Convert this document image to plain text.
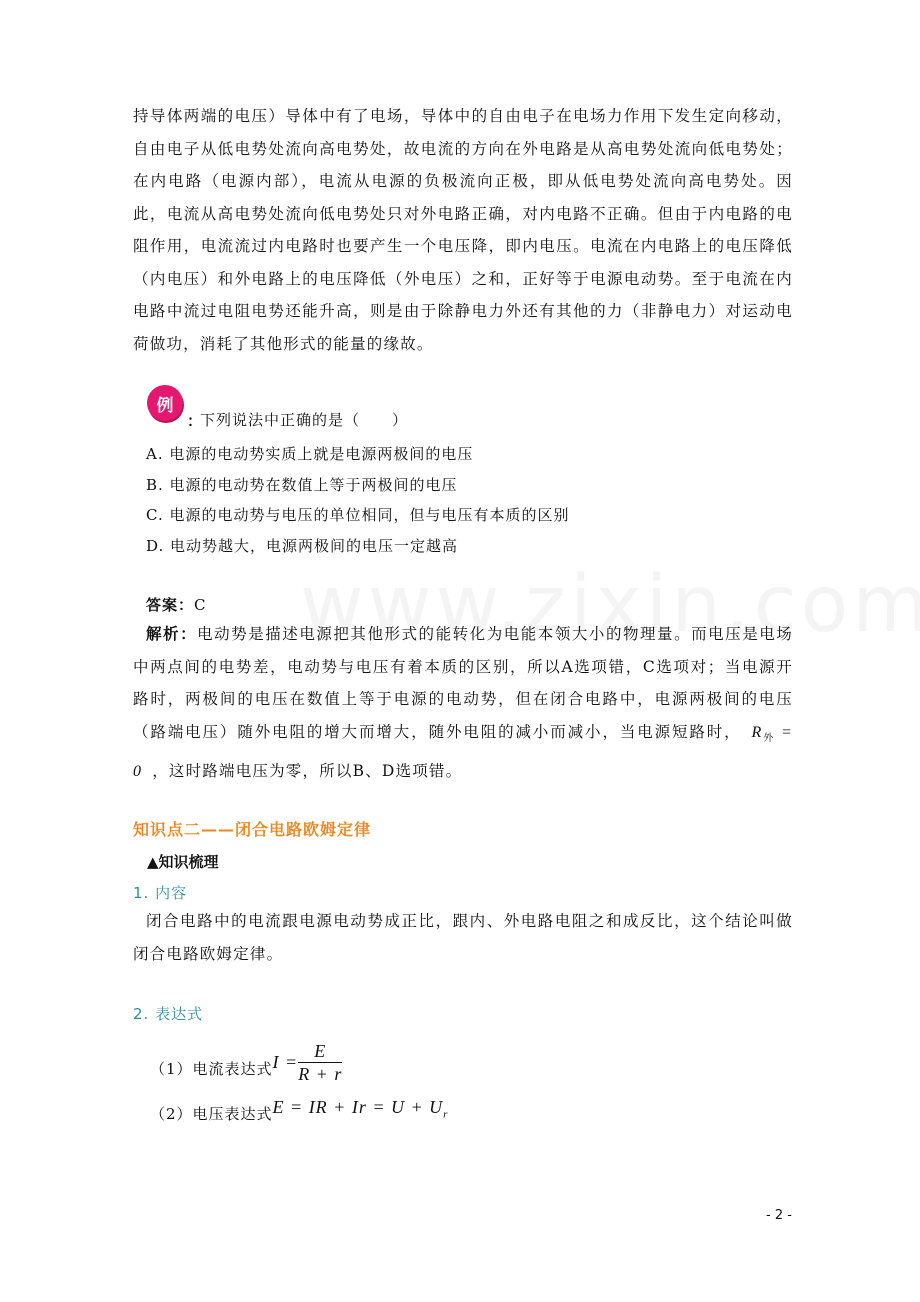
持导体两端的电压）导体中有了电场，导体中的自由电子在电场力作用下发生定向移动，自由电子从低电势处流向高电势处，故电流的方向在外电路是从高电势处流向低电势处；在内电路（电源内部），电流从电源的负极流向正极，即从低电势处流向高电势处。因此，电流从高电势处流向低电势处只对外电路正确，对内电路不正确。但由于内电路的电阻作用，电流流过内电路时也要产生一个电压降，即内电压。电流在内电路上的电压降低（内电压）和外电路上的电压降低（外电压）之和，正好等于电源电动势。至于电流在内电路中流过电阻电势还能升高，则是由于除静电力外还有其他的力（非静电力）对运动电荷做功，消耗了其他形式的能量的缘故。

例
：
下列说法中正确的是（　　）
A. 电源的电动势实质上就是电源两极间的电压
B. 电源的电动势在数值上等于两极间的电压
C. 电源的电动势与电压的单位相同，但与电压有本质的区别
D. 电动势越大，电源两极间的电压一定越高
答案：C

解析：电动势是描述电源把其他形式的能转化为电能本领大小的物理量。而电压是电场中两点间的电势差，电动势与电压有着本质的区别，所以A选项错，C选项对；当电源开路时，两极间的电压在数值上等于电源的电动势，但在闭合电路中，电源两极间的电压（路端电压）随外电阻的增大而增大，随外电阻的减小而减小，当电源短路时， $R_外 = 0$ ，这时路端电压为零，所以B、D选项错。

知识点二——闭合电路欧姆定律
▲知识梳理
1. 内容

闭合电路中的电流跟电源电动势成正比，跟内、外电路电阻之和成反比，这个结论叫做闭合电路欧姆定律。

2. 表达式
（1）电流表达式$I = \frac{E}{R + r}$
（2）电压表达式E = IR + $Ir = U + U_r$
- 2 -
